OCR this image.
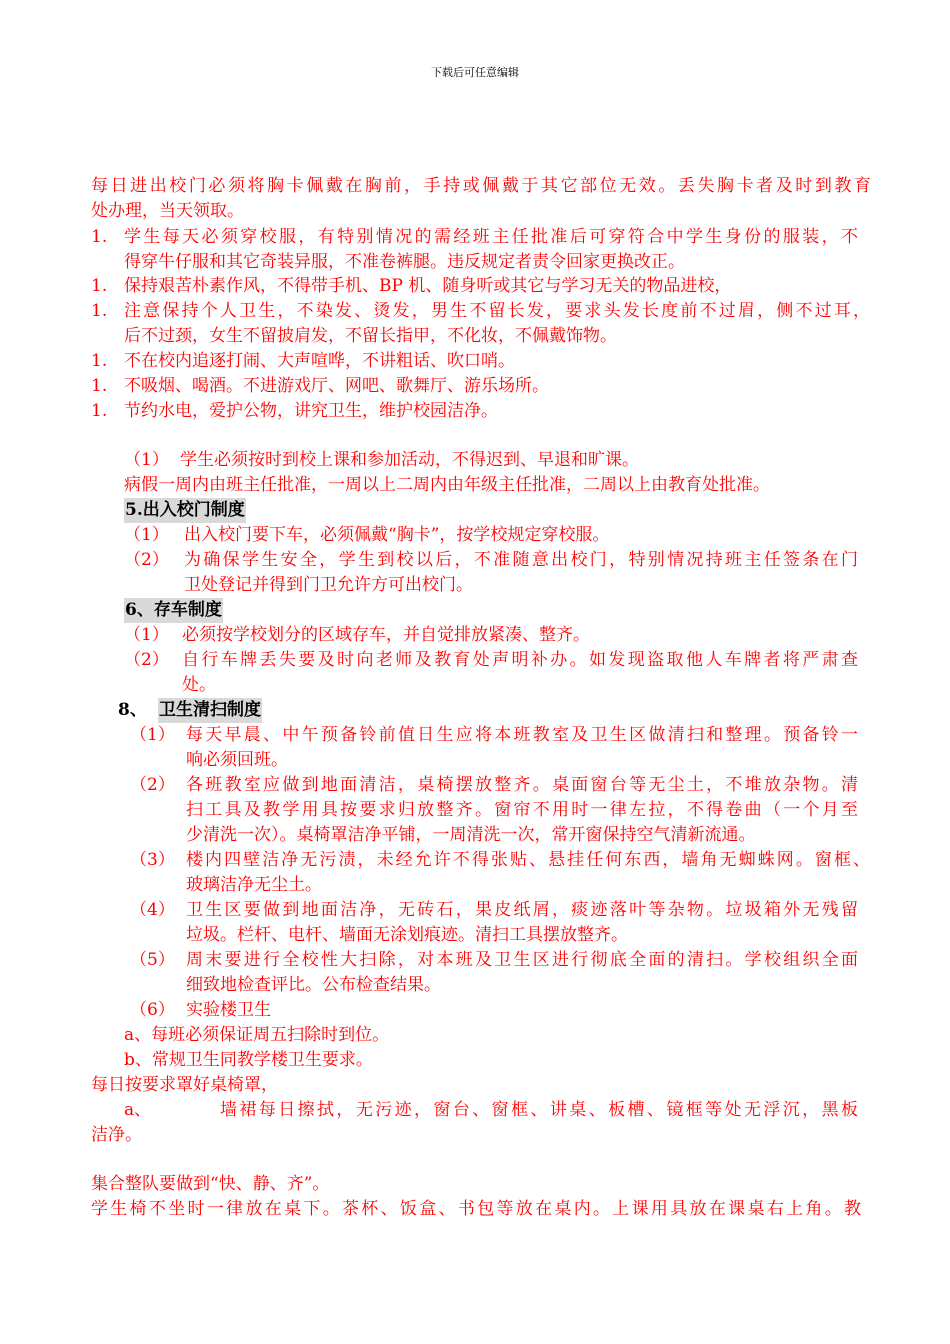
下载后可任意编辑
每日进出校门必须将胸卡佩戴在胸前，手持或佩戴于其它部位无效。丢失胸卡者及时到教育
处办理，当天领取。
1. 学生每天必须穿校服，有特别情况的需经班主任批准后可穿符合中学生身份的服装，不
得穿牛仔服和其它奇装异服，不准卷裤腿。违反规定者责令回家更换改正。
1. 保持艰苦朴素作风，不得带手机、BP 机、随身听或其它与学习无关的物品进校，
1. 注意保持个人卫生，不染发、烫发，男生不留长发，要求头发长度前不过眉，侧不过耳，
后不过颈，女生不留披肩发，不留长指甲，不化妆，不佩戴饰物。
1. 不在校内追逐打闹、大声喧哗，不讲粗话、吹口哨。
1. 不吸烟、喝酒。不进游戏厅、网吧、歌舞厅、游乐场所。
1. 节约水电，爱护公物，讲究卫生，维护校园洁净。
（1） 学生必须按时到校上课和参加活动，不得迟到、早退和旷课。
病假一周内由班主任批准，一周以上二周内由年级主任批准，二周以上由教育处批准。
5.出入校门制度
（1） 出入校门要下车，必须佩戴“胸卡”，按学校规定穿校服。
（2） 为确保学生安全，学生到校以后，不准随意出校门，特别情况持班主任签条在门
卫处登记并得到门卫允许方可出校门。
6、存车制度
（1） 必须按学校划分的区域存车，并自觉排放紧凑、整齐。
（2） 自行车牌丢失要及时向老师及教育处声明补办。如发现盗取他人车牌者将严肃查
处。
8、 卫生清扫制度
（1） 每天早晨、中午预备铃前值日生应将本班教室及卫生区做清扫和整理。预备铃一
响必须回班。
（2） 各班教室应做到地面清洁，桌椅摆放整齐。桌面窗台等无尘土，不堆放杂物。清
扫工具及教学用具按要求归放整齐。窗帘不用时一律左拉，不得卷曲（一个月至
少清洗一次）。桌椅罩洁净平铺，一周清洗一次，常开窗保持空气清新流通。
（3） 楼内四壁洁净无污渍，未经允许不得张贴、悬挂任何东西，墙角无蜘蛛网。窗框、
玻璃洁净无尘土。
（4） 卫生区要做到地面洁净，无砖石，果皮纸屑，痰迹落叶等杂物。垃圾箱外无残留
垃圾。栏杆、电杆、墙面无涂划痕迹。清扫工具摆放整齐。
（5） 周末要进行全校性大扫除，对本班及卫生区进行彻底全面的清扫。学校组织全面
细致地检查评比。公布检查结果。
（6） 实验楼卫生
a、每班必须保证周五扫除时到位。
b、常规卫生同教学楼卫生要求。
每日按要求罩好桌椅罩，
a、	墙裙每日擦拭，无污迹，窗台、窗框、讲桌、板槽、镜框等处无浮沉，黑板
洁净。
集合整队要做到“快、静、齐”。
学生椅不坐时一律放在桌下。茶杯、饭盒、书包等放在桌内。上课用具放在课桌右上角。教
